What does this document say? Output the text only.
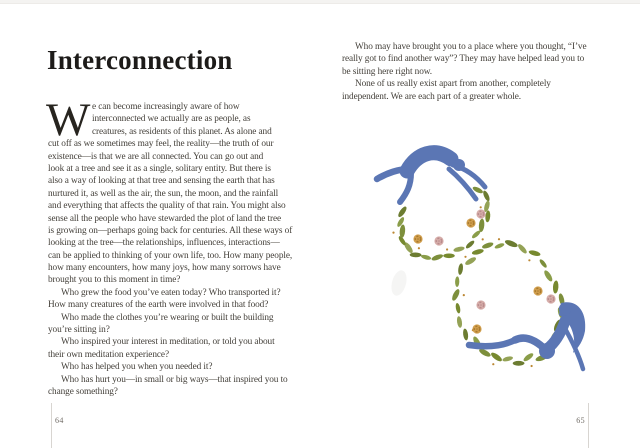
Interconnection
W e can become increasingly aware of how
interconnected we actually are as people, as
creatures, as residents of this planet. As alone and
cut off as we sometimes may feel, the reality—the truth of our
existence—is that we are all connected. You can go out and
look at a tree and see it as a single, solitary entity. But there is
also a way of looking at that tree and sensing the earth that has
nurtured it, as well as the air, the sun, the moon, and the rainfall
and everything that affects the quality of that rain. You might also
sense all the people who have stewarded the plot of land the tree
is growing on—perhaps going back for centuries. All these ways of
looking at the tree—the relationships, influences, interactions—
can be applied to thinking of your own life, too. How many people,
how many encounters, how many joys, how many sorrows have
brought you to this moment in time?
Who grew the food you’ve eaten today? Who transported it?
How many creatures of the earth were involved in that food?
Who made the clothes you’re wearing or built the building
you’re sitting in?
Who inspired your interest in meditation, or told you about
their own meditation experience?
Who has helped you when you needed it?
Who has hurt you—in small or big ways—that inspired you to
change something?
64
Who may have brought you to a place where you thought, “I’ve
really got to find another way”? They may have helped lead you to
be sitting here right now.
None of us really exist apart from another, completely
independent. We are each part of a greater whole.
65
